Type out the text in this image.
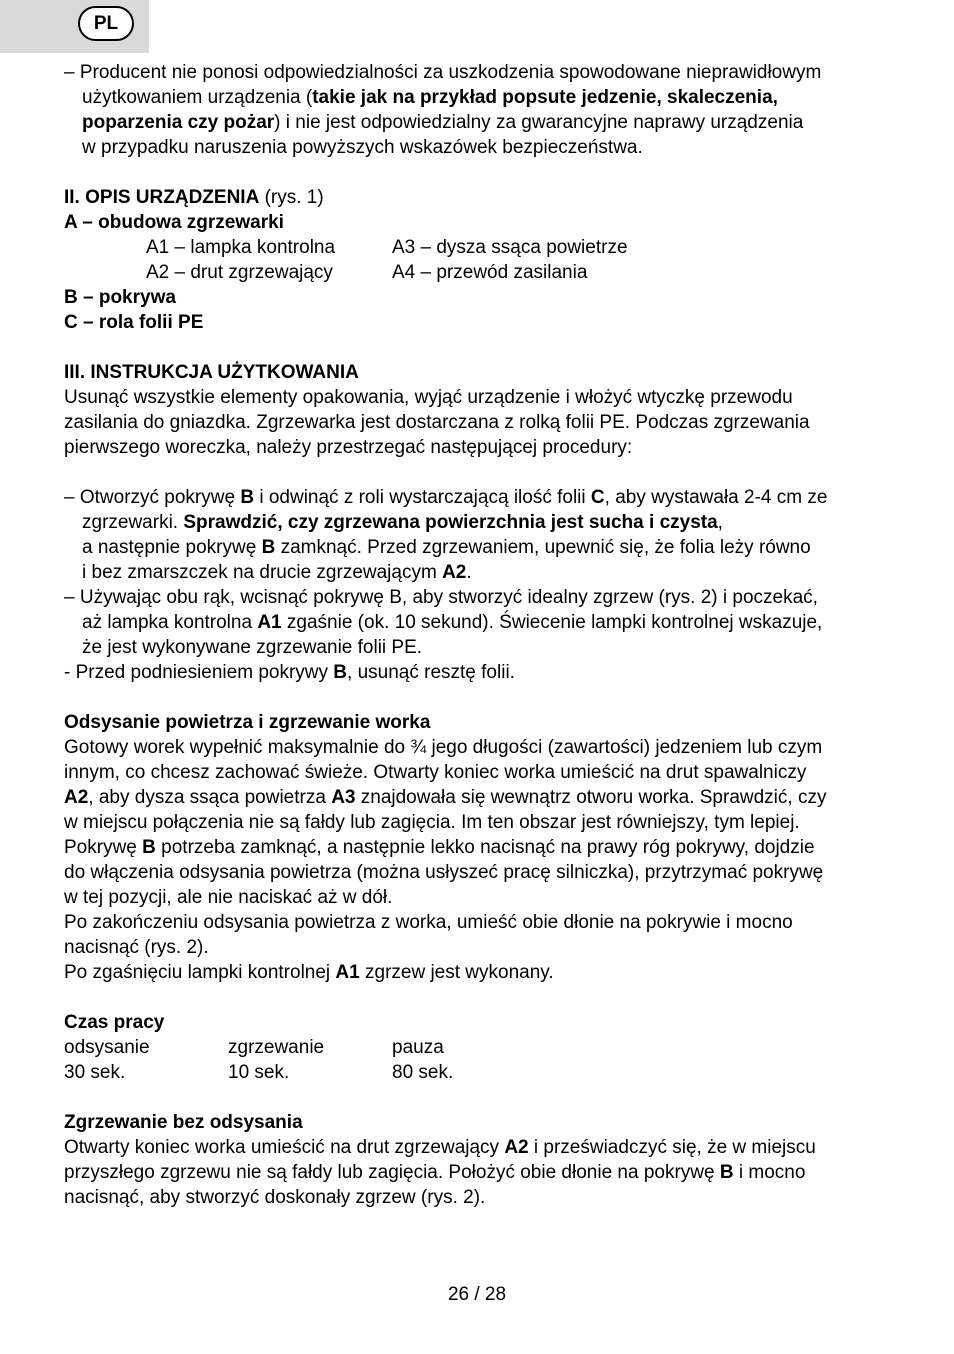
PL
– Producent nie ponosi odpowiedzialności za uszkodzenia spowodowane nieprawidłowym
użytkowaniem urządzenia (takie jak na przykład popsute jedzenie, skaleczenia,
poparzenia czy pożar) i nie jest odpowiedzialny za gwarancyjne naprawy urządzenia
w przypadku naruszenia powyższych wskazówek bezpieczeństwa.
II. OPIS URZĄDZENIA (rys. 1)
A – obudowa zgrzewarki
A1 – lampka kontrolna	A3 – dysza ssąca powietrze
A2 – drut zgrzewający	A4 – przewód zasilania
B – pokrywa
C – rola folii PE
III. INSTRUKCJA UŻYTKOWANIA
Usunąć wszystkie elementy opakowania, wyjąć urządzenie i włożyć wtyczkę przewodu
zasilania do gniazdka. Zgrzewarka jest dostarczana z rolką folii PE. Podczas zgrzewania
pierwszego woreczka, należy przestrzegać następującej procedury:
– Otworzyć pokrywę B i odwinąć z roli wystarczającą ilość folii C, aby wystawała 2-4 cm ze
zgrzewarki. Sprawdzić, czy zgrzewana powierzchnia jest sucha i czysta,
a następnie pokrywę B zamknąć. Przed zgrzewaniem, upewnić się, że folia leży równo
i bez zmarszczek na drucie zgrzewającym A2.
– Używając obu rąk, wcisnąć pokrywę B, aby stworzyć idealny zgrzew (rys. 2) i poczekać,
aż lampka kontrolna A1 zgaśnie (ok. 10 sekund). Świecenie lampki kontrolnej wskazuje,
że jest wykonywane zgrzewanie folii PE.
- Przed podniesieniem pokrywy B, usunąć resztę folii.
Odsysanie powietrza i zgrzewanie worka
Gotowy worek wypełnić maksymalnie do ¾ jego długości (zawartości) jedzeniem lub czym
innym, co chcesz zachować świeże. Otwarty koniec worka umieścić na drut spawalniczy
A2, aby dysza ssąca powietrza A3 znajdowała się wewnątrz otworu worka. Sprawdzić, czy
w miejscu połączenia nie są fałdy lub zagięcia. Im ten obszar jest równiejszy, tym lepiej.
Pokrywę B potrzeba zamknąć, a następnie lekko nacisnąć na prawy róg pokrywy, dojdzie
do włączenia odsysania powietrza (można usłyszeć pracę silniczka), przytrzymać pokrywę
w tej pozycji, ale nie naciskać aż w dół.
Po zakończeniu odsysania powietrza z worka, umieść obie dłonie na pokrywie i mocno
nacisnąć (rys. 2).
Po zgaśnięciu lampki kontrolnej A1 zgrzew jest wykonany.
Czas pracy
odsysanie	zgrzewanie	pauza
30 sek.	10 sek.	80 sek.
Zgrzewanie bez odsysania
Otwarty koniec worka umieścić na drut zgrzewający A2 i przeświadczyć się, że w miejscu
przyszłego zgrzewu nie są fałdy lub zagięcia. Położyć obie dłonie na pokrywę B i mocno
nacisnąć, aby stworzyć doskonały zgrzew (rys. 2).
26 / 28
